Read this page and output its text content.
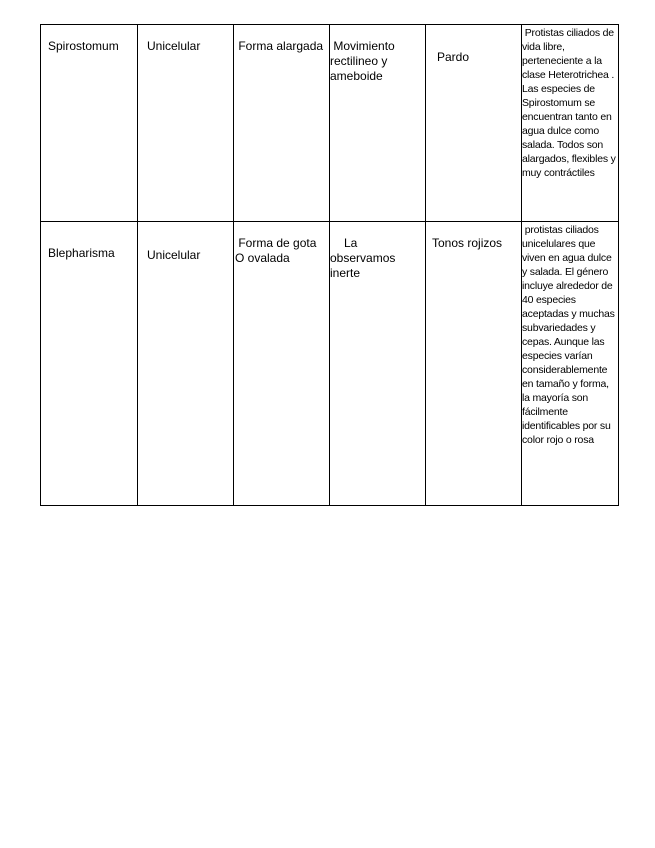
Spirostomum	Unicelular	Forma alargada	Movimiento rectilineo y ameboide	Pardo	Protistas ciliados de vida libre, perteneciente a la clase Heterotrichea . Las especies de Spirostomum se encuentran tanto en agua dulce como salada. Todos son alargados, flexibles y muy contráctiles

Blepharisma	Unicelular	Forma de gota O ovalada	La observamos inerte	Tonos rojizos	protistas ciliados unicelulares que viven en agua dulce y salada. El género incluye alrededor de 40 especies aceptadas y muchas subvariedades y cepas. Aunque las especies varían considerablemente en tamaño y forma, la mayoría son fácilmente identificables por su color rojo o rosa
